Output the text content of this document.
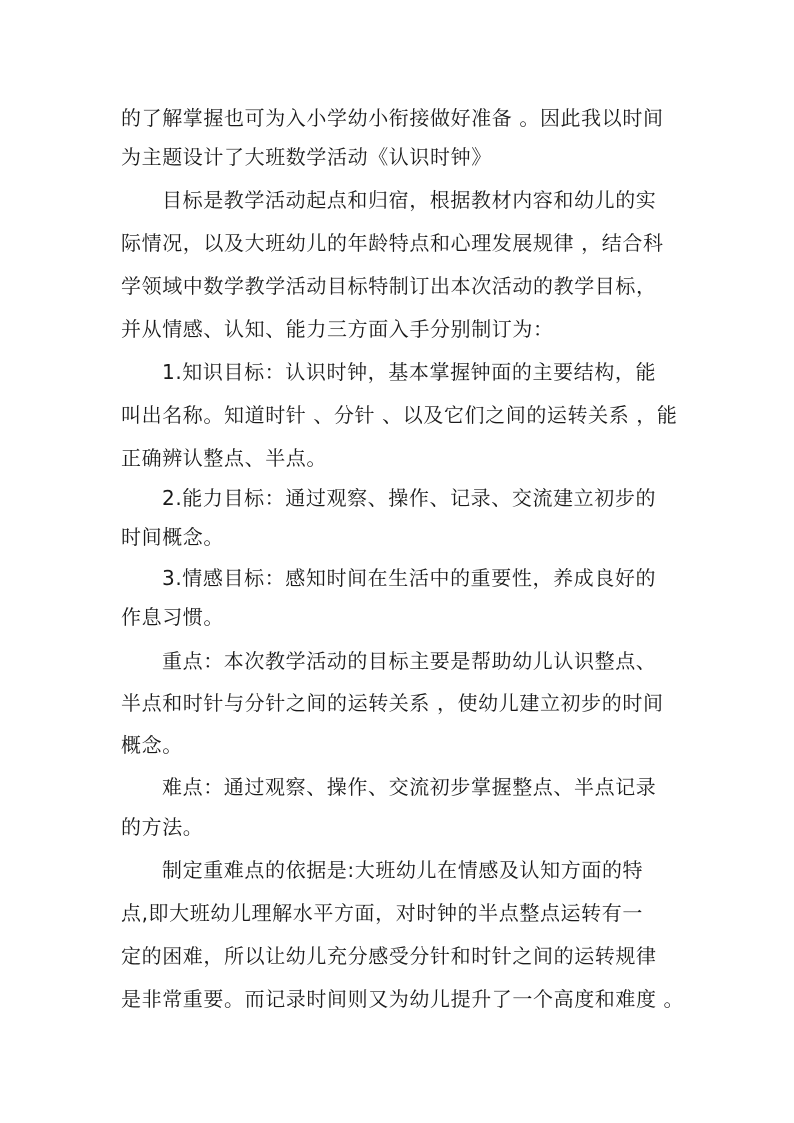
的了解掌握也可为入小学幼小衔接做好准备 。因此我以时间
为主题设计了大班数学活动《认识时钟》
目标是教学活动起点和归宿，根据教材内容和幼儿的实
际情况，以及大班幼儿的年龄特点和心理发展规律 ，结合科
学领域中数学教学活动目标特制订出本次活动的教学目标，
并从情感、认知、能力三方面入手分别制订为：
1.知识目标：认识时钟，基本掌握钟面的主要结构，能
叫出名称。知道时针 、分针 、以及它们之间的运转关系 ，能
正确辨认整点、半点。
2.能力目标：通过观察、操作、记录、交流建立初步的
时间概念。
3.情感目标：感知时间在生活中的重要性，养成良好的
作息习惯。
重点：本次教学活动的目标主要是帮助幼儿认识整点、
半点和时针与分针之间的运转关系 ，使幼儿建立初步的时间
概念。
难点：通过观察、操作、交流初步掌握整点、半点记录
的方法。
制定重难点的依据是:大班幼儿在情感及认知方面的特
点,即大班幼儿理解水平方面，对时钟的半点整点运转有一
定的困难，所以让幼儿充分感受分针和时针之间的运转规律
是非常重要。而记录时间则又为幼儿提升了一个高度和难度 。
